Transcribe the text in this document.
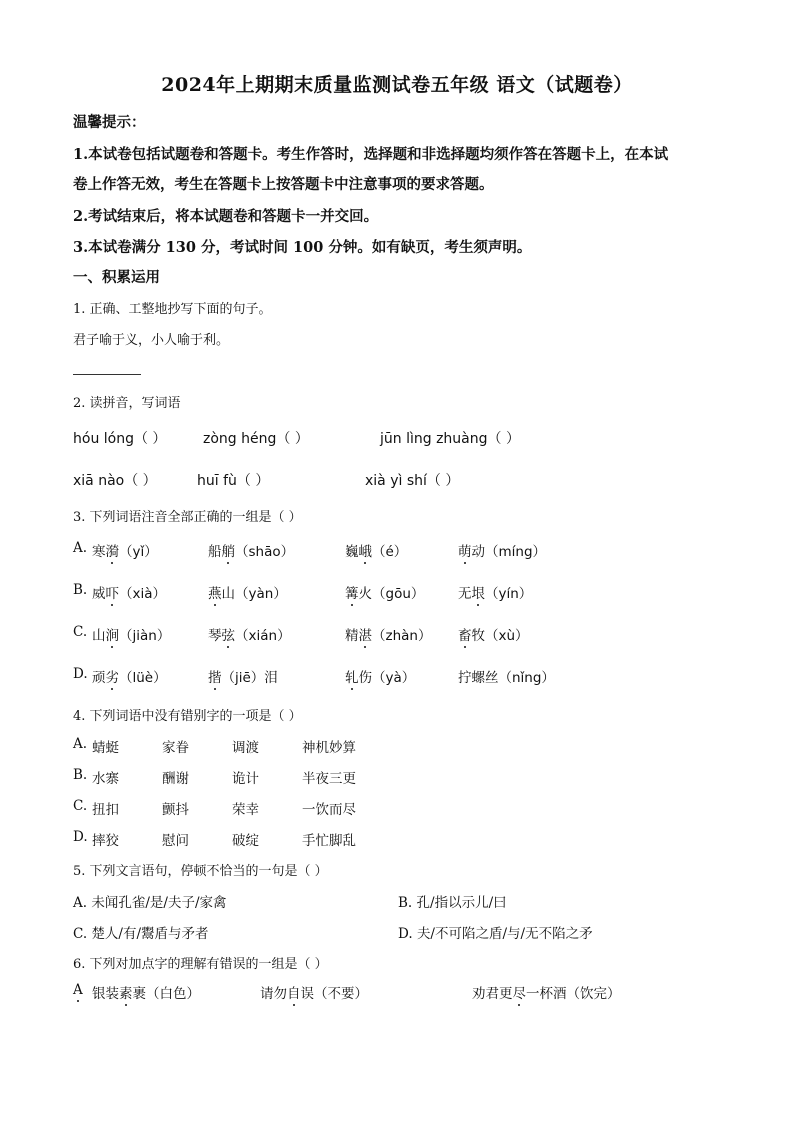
2024年上期期末质量监测试卷五年级 语文（试题卷）
温馨提示：
1.本试卷包括试题卷和答题卡。考生作答时，选择题和非选择题均须作答在答题卡上，在本试
卷上作答无效，考生在答题卡上按答题卡中注意事项的要求答题。
2.考试结束后，将本试题卷和答题卡一并交回。
3.本试卷满分 130 分，考试时间 100 分钟。如有缺页，考生须声明。
一、积累运用
1. 正确、工整地抄写下面的句子。
君子喻于义，小人喻于利。
2. 读拼音，写词语
hóu lóng（ ）	zòng héng（ ）	jūn lìng zhuàng（ ）
xiā nào（ ）	huī fù（ ）	xià yì shí（ ）
3. 下列词语注音全部正确的一组是（ ）
A. 寒漪（yǐ）	船艄（shāo）	巍峨（é）	萌动（míng）
B. 威吓（xià）	燕山（yàn）	篝火（gōu） 无垠（yín）
C. 山涧（jiàn）	琴弦（xián）	精湛（zhàn） 畜牧（xù）
D. 顽劣（lüè）	揩（jiē）泪	轧伤（yà）	拧螺丝（nǐng）
4. 下列词语中没有错别字的一项是（ ）
A. 蜻蜓	家眷	调渡	神机妙算
B. 水寨	酬谢	诡计	半夜三更
C. 扭扣	颤抖	荣幸	一饮而尽
D. 摔狡	慰问	破绽	手忙脚乱
5. 下列文言语句，停顿不恰当的一句是（ ）
A. 未闻孔雀/是/夫子/家禽	B. 孔/指以示儿/曰
C. 楚人/有/鬻盾与矛者	D. 夫/不可陷之盾/与/无不陷之矛
6. 下列对加点字的理解有错误的一组是（ ）
A 银装素裹（白色）	请勿自误（不要）	劝君更尽一杯酒（饮完）
